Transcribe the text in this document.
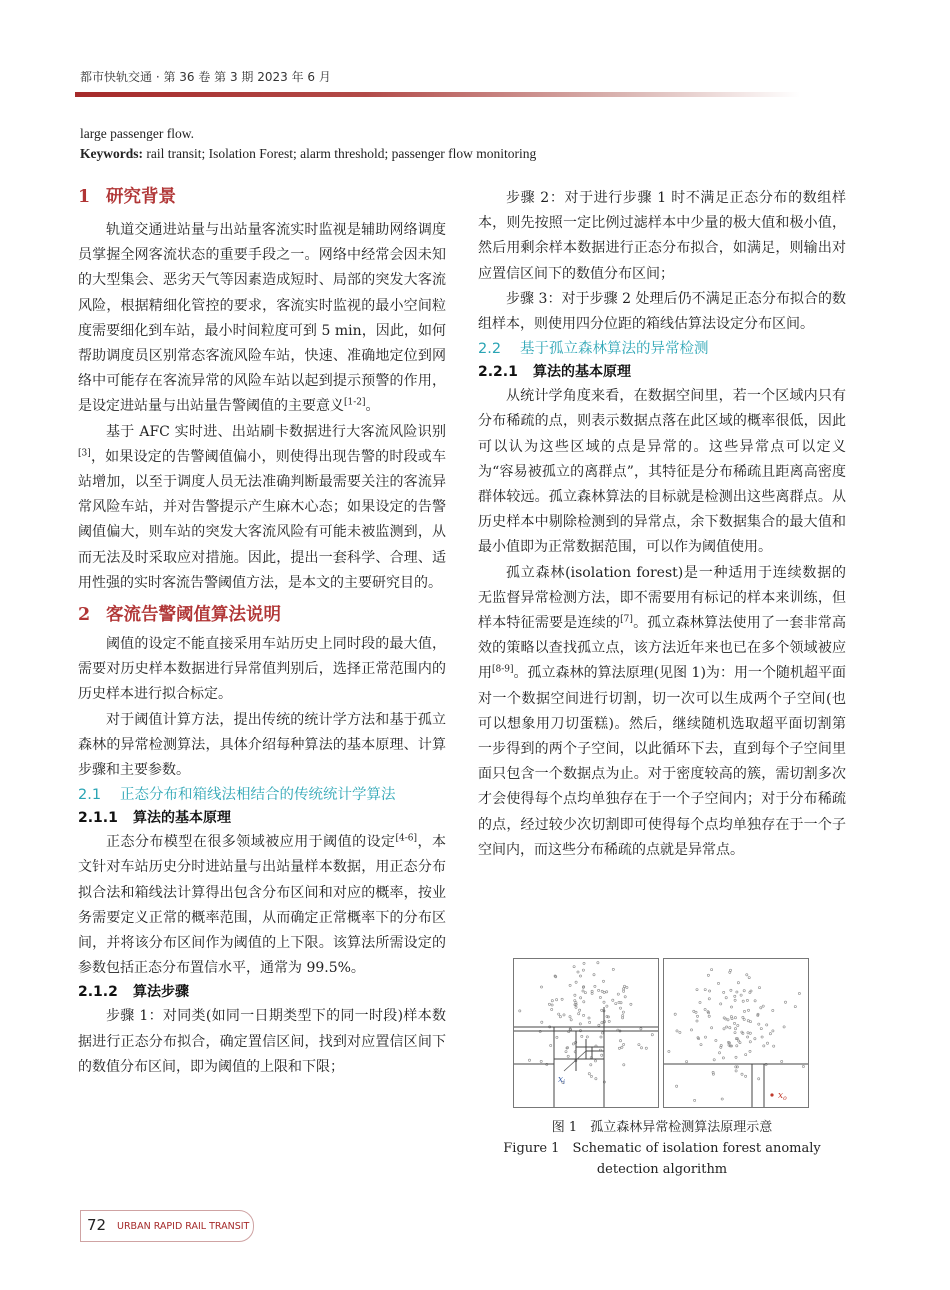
都市快轨交通 · 第 36 卷 第 3 期 2023 年 6 月
large passenger flow.
Keywords: rail transit; Isolation Forest; alarm threshold; passenger flow monitoring
1 研究背景

轨道交通进站量与出站量客流实时监视是辅助网络调度员掌握全网客流状态的重要手段之一。网络中经常会因未知的大型集会、恶劣天气等因素造成短时、局部的突发大客流风险，根据精细化管控的要求，客流实时监视的最小空间粒度需要细化到车站，最小时间粒度可到 5 min，因此，如何帮助调度员区别常态客流风险车站，快速、准确地定位到网络中可能存在客流异常的风险车站以起到提示预警的作用，是设定进站量与出站量告警阈值的主要意义[1-2]。

基于 AFC 实时进、出站刷卡数据进行大客流风险识别[3]，如果设定的告警阈值偏小，则使得出现告警的时段或车站增加，以至于调度人员无法准确判断最需要关注的客流异常风险车站，并对告警提示产生麻木心态；如果设定的告警阈值偏大，则车站的突发大客流风险有可能未被监测到，从而无法及时采取应对措施。因此，提出一套科学、合理、适用性强的实时客流告警阈值方法，是本文的主要研究目的。

2 客流告警阈值算法说明

阈值的设定不能直接采用车站历史上同时段的最大值，需要对历史样本数据进行异常值判别后，选择正常范围内的历史样本进行拟合标定。

对于阈值计算方法，提出传统的统计学方法和基于孤立森林的异常检测算法，具体介绍每种算法的基本原理、计算步骤和主要参数。

2.1 正态分布和箱线法相结合的传统统计学算法
2.1.1 算法的基本原理

正态分布模型在很多领域被应用于阈值的设定[4-6]，本文针对车站历史分时进站量与出站量样本数据，用正态分布拟合法和箱线法计算得出包含分布区间和对应的概率，按业务需要定义正常的概率范围，从而确定正常概率下的分布区间，并将该分布区间作为阈值的上下限。该算法所需设定的参数包括正态分布置信水平，通常为 99.5%。

2.1.2 算法步骤

步骤 1：对同类(如同一日期类型下的同一时段)样本数据进行正态分布拟合，确定置信区间，找到对应置信区间下的数值分布区间，即为阈值的上限和下限；

步骤 2：对于进行步骤 1 时不满足正态分布的数组样本，则先按照一定比例过滤样本中少量的极大值和极小值，然后用剩余样本数据进行正态分布拟合，如满足，则输出对应置信区间下的数值分布区间；

步骤 3：对于步骤 2 处理后仍不满足正态分布拟合的数组样本，则使用四分位距的箱线估算法设定分布区间。

2.2 基于孤立森林算法的异常检测
2.2.1 算法的基本原理

从统计学角度来看，在数据空间里，若一个区域内只有分布稀疏的点，则表示数据点落在此区域的概率很低，因此可以认为这些区域的点是异常的。这些异常点可以定义为“容易被孤立的离群点”，其特征是分布稀疏且距离高密度群体较远。孤立森林算法的目标就是检测出这些离群点。从历史样本中剔除检测到的异常点，余下数据集合的最大值和最小值即为正常数据范围，可以作为阈值使用。

孤立森林(isolation forest)是一种适用于连续数据的无监督异常检测方法，即不需要用有标记的样本来训练，但样本特征需要是连续的[7]。孤立森林算法使用了一套非常高效的策略以查找孤立点，该方法近年来也已在多个领域被应用[8-9]。孤立森林的算法原理(见图 1)为：用一个随机超平面对一个数据空间进行切割，切一次可以生成两个子空间(也可以想象用刀切蛋糕)。然后，继续随机选取超平面切割第一步得到的两个子空间，以此循环下去，直到每个子空间里面只包含一个数据点为止。对于密度较高的簇，需切割多次才会使得每个点均单独存在于一个子空间内；对于分布稀疏的点，经过较少次切割即可使得每个点均单独存在于一个子空间内，而这些分布稀疏的点就是异常点。

$x_i$
$x_o$
图 1　孤立森林异常检测算法原理示意
Figure 1　Schematic of isolation forest anomaly
detection algorithm
72 URBAN RAPID RAIL TRANSIT
